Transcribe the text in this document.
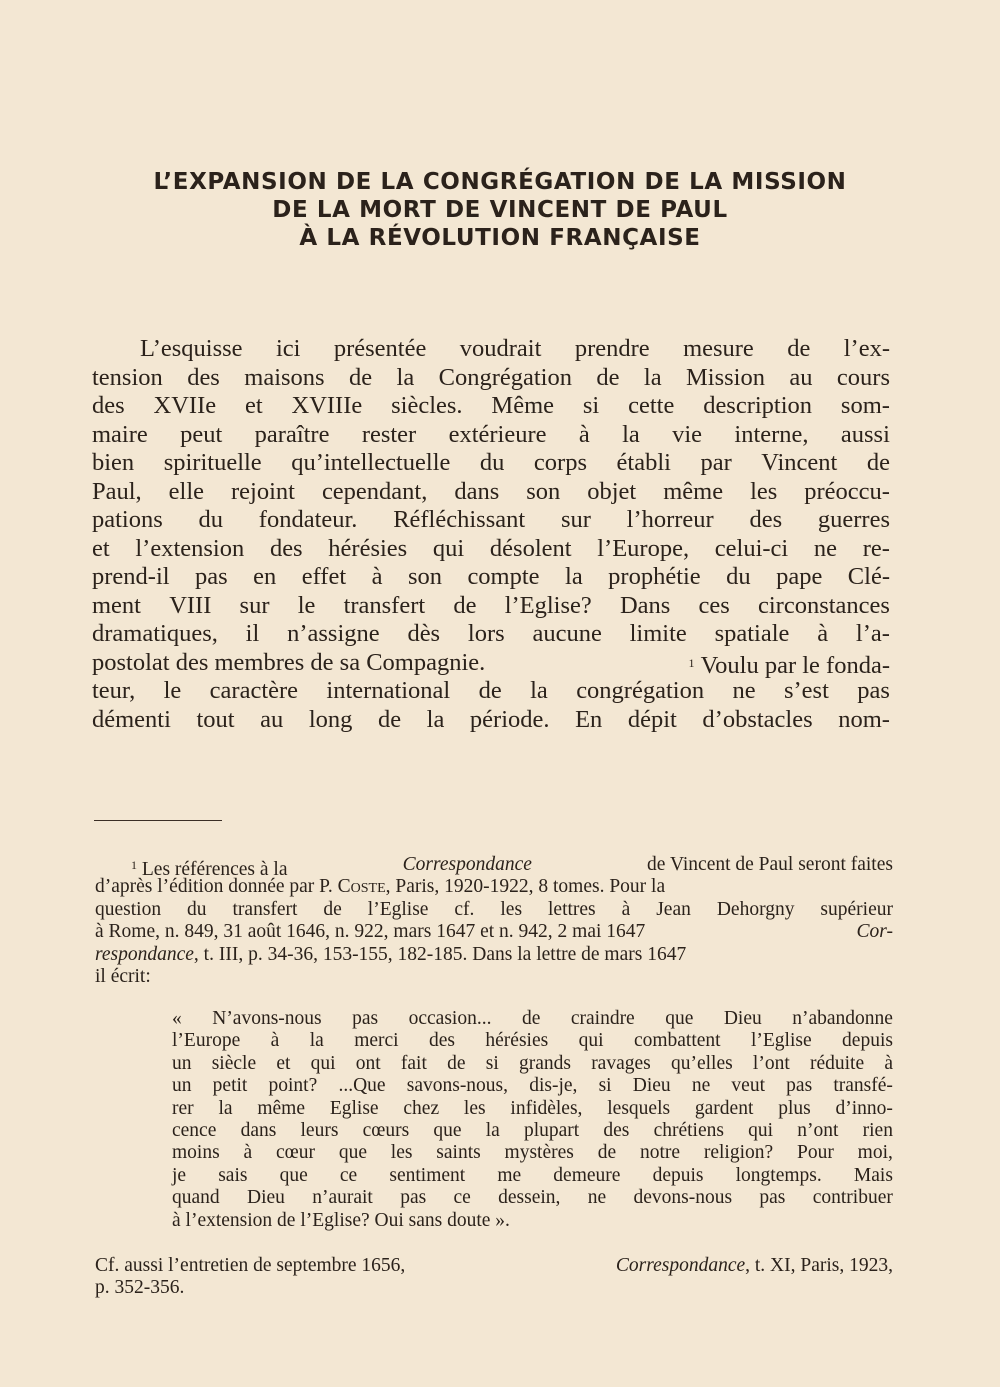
L’EXPANSION DE LA CONGRÉGATION DE LA MISSION
DE LA MORT DE VINCENT DE PAUL
À LA RÉVOLUTION FRANÇAISE
L’esquisse ici présentée voudrait prendre mesure de l’ex-
tension des maisons de la Congrégation de la Mission au cours
des XVIIe et XVIIIe siècles. Même si cette description som-
maire peut paraître rester extérieure à la vie interne, aussi
bien spirituelle qu’intellectuelle du corps établi par Vincent de
Paul, elle rejoint cependant, dans son objet même les préoccu-
pations du fondateur. Réfléchissant sur l’horreur des guerres
et l’extension des hérésies qui désolent l’Europe, celui-ci ne re-
prend-il pas en effet à son compte la prophétie du pape Clé-
ment VIII sur le transfert de l’Eglise? Dans ces circonstances
dramatiques, il n’assigne dès lors aucune limite spatiale à l’a-
postolat des membres de sa Compagnie.	$^1$ Voulu par le fonda-
teur, le caractère international de la congrégation ne s’est pas
démenti tout au long de la période. En dépit d’obstacles nom-
$^1$ Les références à la	Correspondance	de Vincent de Paul seront faites
d’après l’édition donnée par P. Coste, Paris, 1920-1922, 8 tomes. Pour la
question du transfert de l’Eglise cf. les lettres à Jean Dehorgny supérieur
à Rome, n. 849, 31 août 1646, n. 922, mars 1647 et n. 942, 2 mai 1647	Cor-
respondance, t. III, p. 34-36, 153-155, 182-185. Dans la lettre de mars 1647
il écrit:
« N’avons-nous pas occasion... de craindre que Dieu n’abandonne
l’Europe à la merci des hérésies qui combattent l’Eglise depuis
un siècle et qui ont fait de si grands ravages qu’elles l’ont réduite à
un petit point? ...Que savons-nous, dis-je, si Dieu ne veut pas transfé-
rer la même Eglise chez les infidèles, lesquels gardent plus d’inno-
cence dans leurs cœurs que la plupart des chrétiens qui n’ont rien
moins à cœur que les saints mystères de notre religion? Pour moi,
je sais que ce sentiment me demeure depuis longtemps. Mais
quand Dieu n’aurait pas ce dessein, ne devons-nous pas contribuer
à l’extension de l’Eglise? Oui sans doute ».
Cf. aussi l’entretien de septembre 1656,	Correspondance, t. XI, Paris, 1923,
p. 352-356.
